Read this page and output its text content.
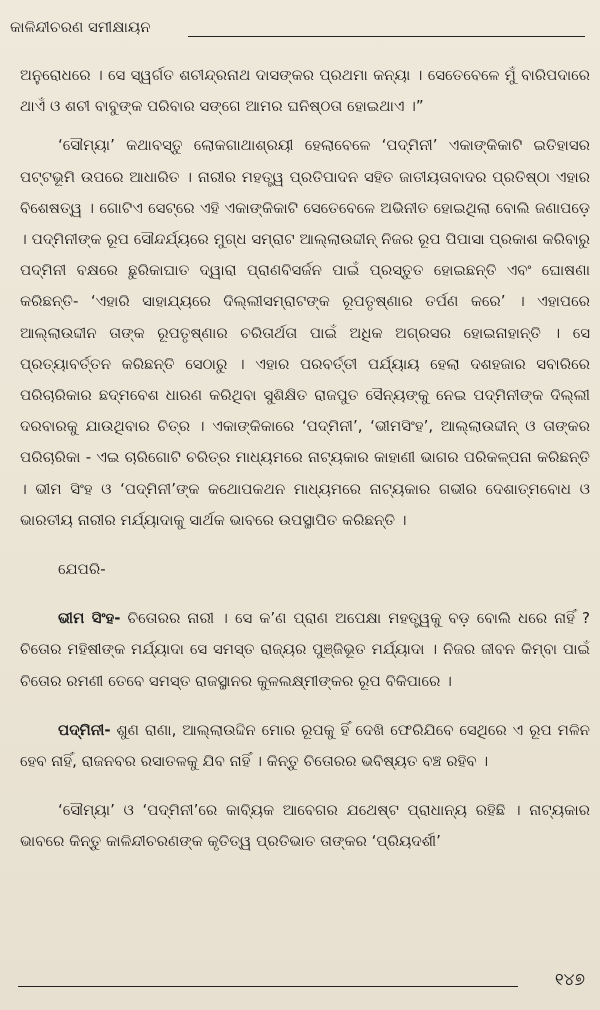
କାଳିନ୍ଦୀଚରଣ ସମୀକ୍ଷାୟନ

ଅନୁରୋଧରେ । ସେ ସ୍ୱର୍ଗତ ଶଚୀନ୍ଦ୍ରନାଥ ଦାସଙ୍କର ପ୍ରଥମା କନ୍ୟା । ସେତେବେଳେ ମୁଁ ବାରିପଦାରେ ଥାଏଁ ଓ ଶଚୀ ବାବୁଙ୍କ ପରିବାର ସଙ୍ଗେ ଆମର ଘନିଷ୍ଠତା ହୋଇଥାଏ ।”

‘ସୌମ୍ୟା’ କଥାବସ୍ତୁ ଲୋକଗାଥାଶ୍ରୟୀ ହେଲାବେଳେ ‘ପଦ୍ମିନୀ’ ଏକାଙ୍କିକାଟି ଇତିହାସର ପଟ୍ଟଭୂମି ଉପରେ ଆଧାରିତ । ନାରୀର ମହତ୍ତ୍ୱ ପ୍ରତିପାଦନ ସହିତ ଜାତୀୟତାବାଦର ପ୍ରତିଷ୍ଠା ଏହାର ବିଶେଷତ୍ୱ । ଗୋଟିଏ ସେଟ୍‌ରେ ଏହି ଏକାଙ୍କିକାଟି ସେତେବେଳେ ଅଭିନୀତ ହୋଇଥିଲା ବୋଲି ଜଣାପଡ଼େ । ପଦ୍ମିନୀଙ୍କ ରୂପ ସୌନ୍ଦର୍ଯ୍ୟରେ ମୁଗ୍ଧ ସମ୍ରାଟ ଆଲ୍ଲାଉଦ୍ଦୀନ୍ ନିଜର ରୂପ ପିପାସା ପ୍ରକାଶ କରିବାରୁ ପଦ୍ମିନୀ ବକ୍ଷରେ ଛୁରିକାଘାତ ଦ୍ୱାରା ପ୍ରାଣବିସର୍ଜନ ପାଇଁ ପ୍ରସ୍ତୁତ ହୋଇଛନ୍ତି ଏବଂ ଘୋଷଣା କରିଛନ୍ତି- ‘ଏହାରି ସାହାଯ୍ୟରେ ଦିଲ୍ଲୀସମ୍ରାଟଙ୍କ ରୂପତୃଷ୍ଣାର ତର୍ପଣ କରେ’ । ଏହାପରେ ଆଲ୍ଲାଉଦ୍ଦୀନ ତାଙ୍କ ରୂପତୃଷ୍ଣାର ଚରିତାର୍ଥତା ପାଇଁ ଅଧିକ ଅଗ୍ରସର ହୋଇନାହାନ୍ତି । ସେ ପ୍ରତ୍ୟାବର୍ତ୍ତନ କରିଛନ୍ତି ସେଠାରୁ । ଏହାର ପରବର୍ତ୍ତୀ ପର୍ଯ୍ୟାୟ ହେଲା ଦଶହଜାର ସବାରିରେ ପରିଚାରିକାର ଛଦ୍ମବେଶ ଧାରଣ କରିଥିବା ସୁଶିକ୍ଷିତ ରାଜପୁତ ସୈନ୍ୟଙ୍କୁ ନେଇ ପଦ୍ମିନୀଙ୍କ ଦିଲ୍ଲୀ ଦରବାରକୁ ଯାଉଥିବାର ଚିତ୍ର । ଏକାଙ୍କିକାରେ ‘ପଦ୍ମିନୀ’, ‘ଭୀମସିଂହ’, ଆଲ୍ଲାଉଦ୍ଦୀନ୍ ଓ ତାଙ୍କର ପରିଚାରିକା - ଏଇ ଚାରିଗୋଟି ଚରିତ୍ର ମାଧ୍ୟମରେ ନାଟ୍ୟକାର କାହାଣୀ ଭାଗର ପରିକଳ୍ପନା କରିଛନ୍ତି । ଭୀମ ସିଂହ ଓ ‘ପଦ୍ମିନୀ’ଙ୍କ କଥୋପକଥନ ମାଧ୍ୟମରେ ନାଟ୍ୟକାର ଗଭୀର ଦେଶାତ୍ମବୋଧ ଓ ଭାରତୀୟ ନାରୀର ମର୍ଯ୍ୟାଦାକୁ ସାର୍ଥକ ଭାବରେ ଉପସ୍ଥାପିତ କରିଛନ୍ତି ।

ଯେପରି-

ଭୀମ ସିଂହ- ଚିତୋରର ନାରୀ । ସେ କ’ଣ ପ୍ରାଣ ଅପେକ୍ଷା ମହତ୍ତ୍ୱକୁ ବଡ଼ ବୋଲି ଧରେ ନାହିଁ ? ଚିତୋର ମହିଷୀଙ୍କ ମର୍ଯ୍ୟାଦା ସେ ସମସ୍ତ ରାଜ୍ୟର ପୁଞ୍ଜିଭୂତ ମର୍ଯ୍ୟାଦା । ନିଜର ଜୀବନ କିମ୍ବା ପାଇଁ ଚିତୋର ରମଣୀ ତେବେ ସମସ୍ତ ରାଜସ୍ଥାନର କୁଳଲକ୍ଷ୍ମୀଙ୍କର ରୂପ ବିକିପାରେ ।

ପଦ୍ମିନୀ- ଶୁଣ ରାଣା, ଆଲ୍ଲାଉଦ୍ଦିନ ମୋର ରୂପକୁ ହିଁ ଦେଖି ଫେରିଯିବେ ସେଥିରେ ଏ ରୂପ ମଳିନ ହେବ ନାହିଁ, ରାଜନବର ରସାତଳକୁ ଯିବ ନାହିଁ । କିନ୍ତୁ ଚିତୋରର ଭବିଷ୍ୟତ ବଞ୍ଚ ରହିବ ।

‘ସୌମ୍ୟା’ ଓ ‘ପଦ୍ମିନୀ’ରେ କାବ୍ୟିକ ଆବେଗର ଯଥେଷ୍ଟ ପ୍ରାଧାନ୍ୟ ରହିଛି । ନାଟ୍ୟକାର ଭାବରେ କିନ୍ତୁ କାଳିନ୍ଦୀଚରଣଙ୍କ କୃତିତ୍ୱ ପ୍ରତିଭାତ ତାଙ୍କର ‘ପ୍ରିୟଦର୍ଶୀ’

୧୪୭
